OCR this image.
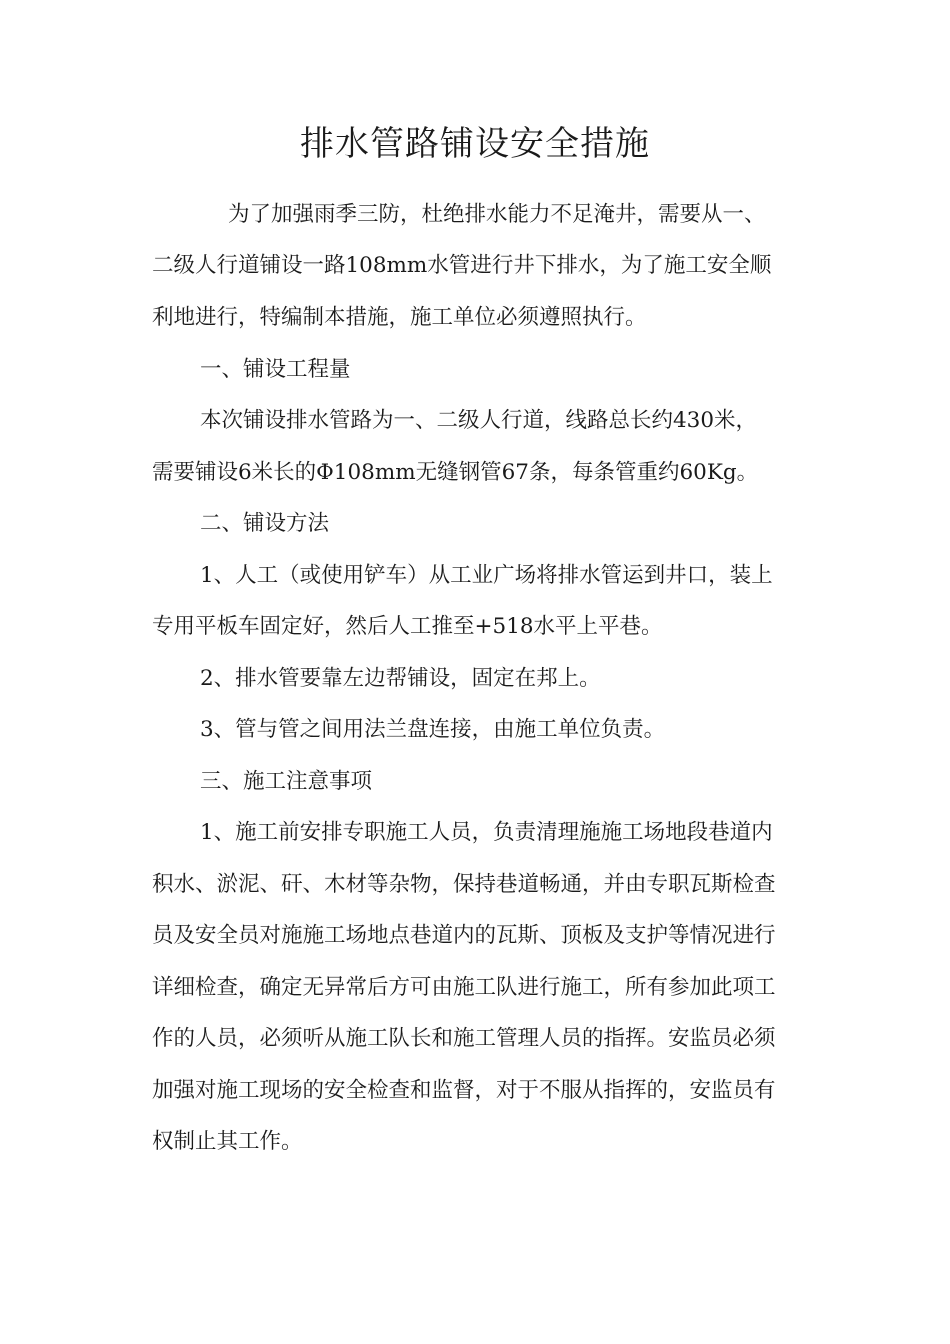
排水管路铺设安全措施

为了加强雨季三防，杜绝排水能力不足淹井，需要从一、

二级人行道铺设一路108mm水管进行井下排水，为了施工安全顺

利地进行，特编制本措施，施工单位必须遵照执行。

一、铺设工程量

本次铺设排水管路为一、二级人行道，线路总长约430米，

需要铺设6米长的Φ108mm无缝钢管67条，每条管重约60Kg。

二、铺设方法

1、人工（或使用铲车）从工业广场将排水管运到井口，装上

专用平板车固定好，然后人工推至+518水平上平巷。

2、排水管要靠左边帮铺设，固定在邦上。

3、管与管之间用法兰盘连接，由施工单位负责。

三、施工注意事项

1、施工前安排专职施工人员，负责清理施施工场地段巷道内

积水、淤泥、矸、木材等杂物，保持巷道畅通，并由专职瓦斯检查

员及安全员对施施工场地点巷道内的瓦斯、顶板及支护等情况进行

详细检查，确定无异常后方可由施工队进行施工，所有参加此项工

作的人员，必须听从施工队长和施工管理人员的指挥。安监员必须

加强对施工现场的安全检查和监督，对于不服从指挥的，安监员有

权制止其工作。
